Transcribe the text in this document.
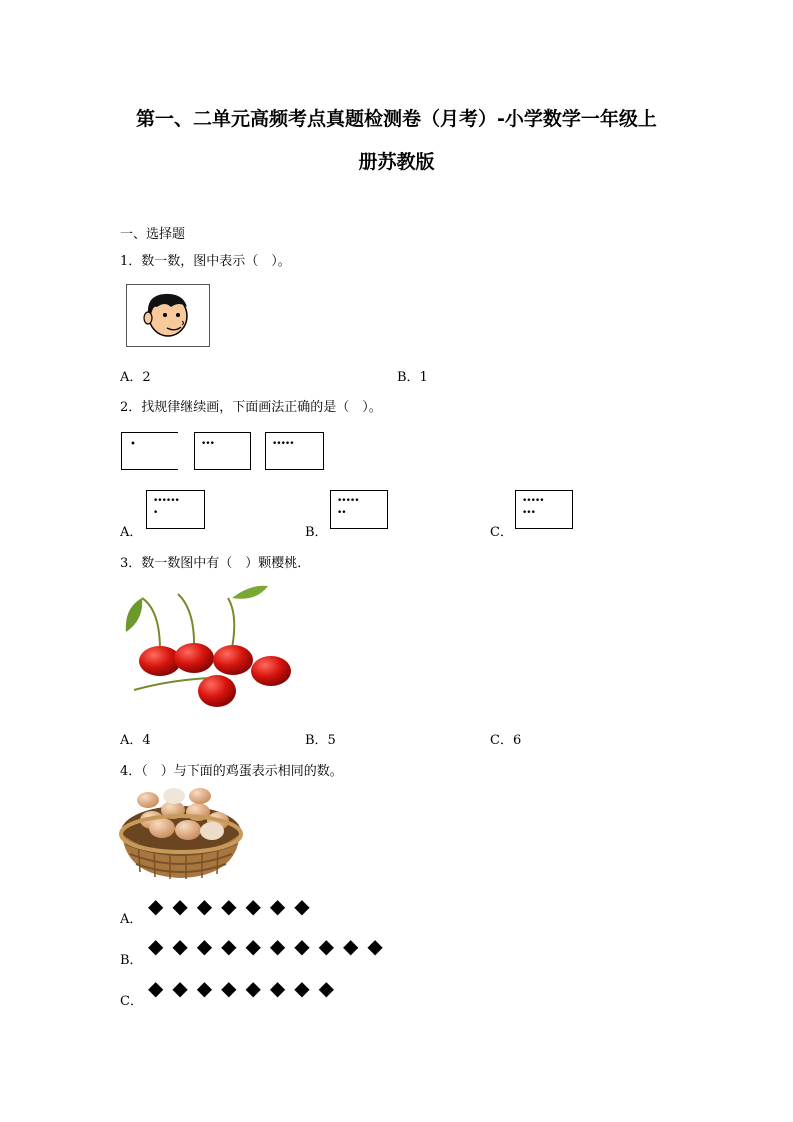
第一、二单元高频考点真题检测卷（月考）-小学数学一年级上
册苏教版
一、选择题
1．数一数，图中表示（　）。
A．2	B．1
2．找规律继续画，下面画法正确的是（　）。
•	•••	•••••
A．
••••••
•
B．
•••••
••
C．
•••••
•••
3．数一数图中有（　）颗樱桃．
A．4	B．5	C．6
4．（　）与下面的鸡蛋表示相同的数。
A．
◆◆◆◆◆◆◆
B．
◆◆◆◆◆◆◆◆◆◆
C．
◆◆◆◆◆◆◆◆
